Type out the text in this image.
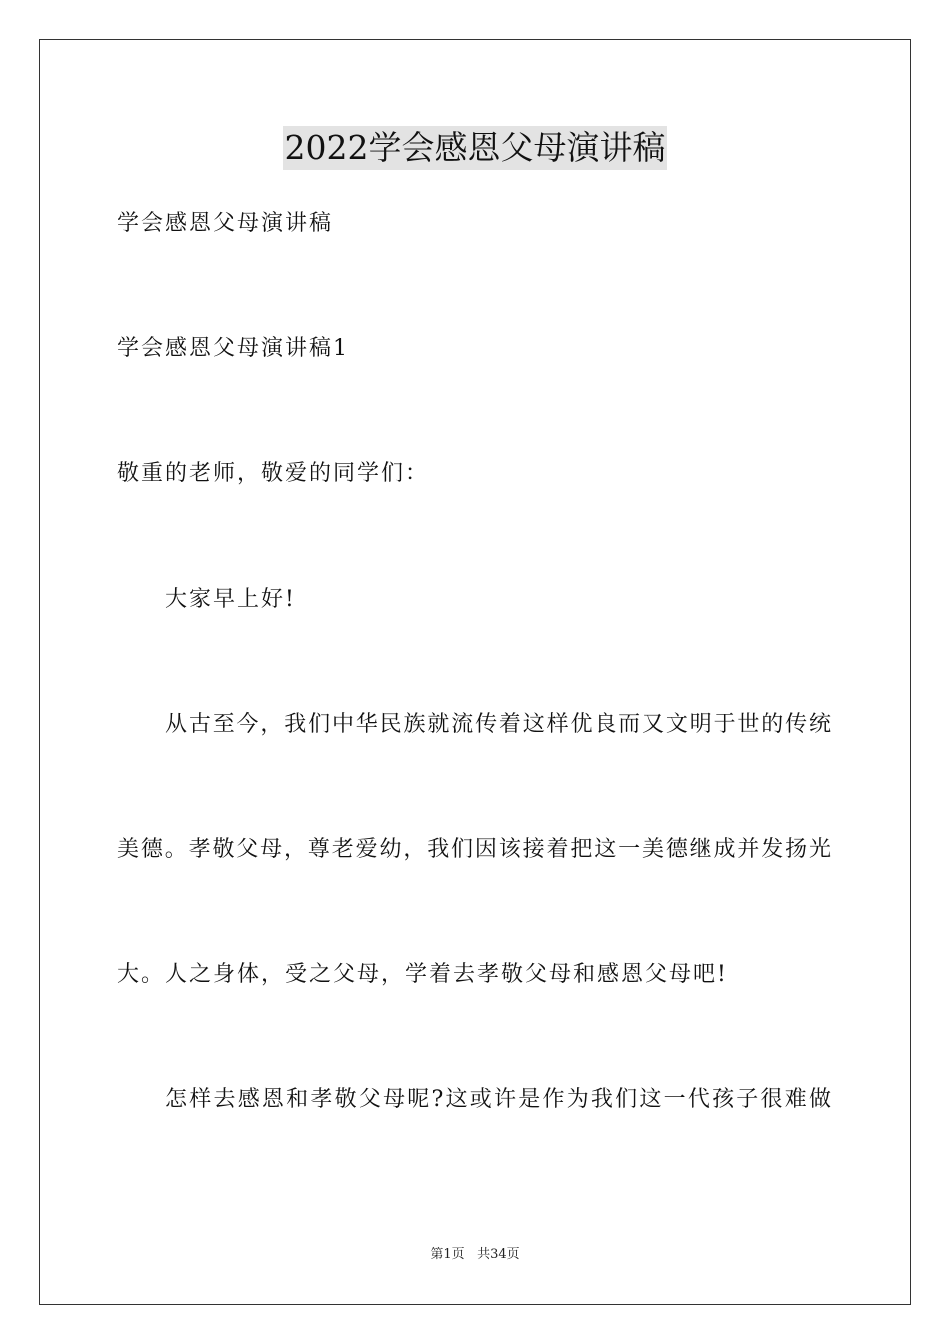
2022学会感恩父母演讲稿
学会感恩父母演讲稿
学会感恩父母演讲稿1
敬重的老师，敬爱的同学们：
大家早上好!
从古至今，我们中华民族就流传着这样优良而又文明于世的传统
美德。孝敬父母，尊老爱幼，我们因该接着把这一美德继成并发扬光
大。人之身体，受之父母，学着去孝敬父母和感恩父母吧!
怎样去感恩和孝敬父母呢?这或许是作为我们这一代孩子很难做
第1页 共34页
